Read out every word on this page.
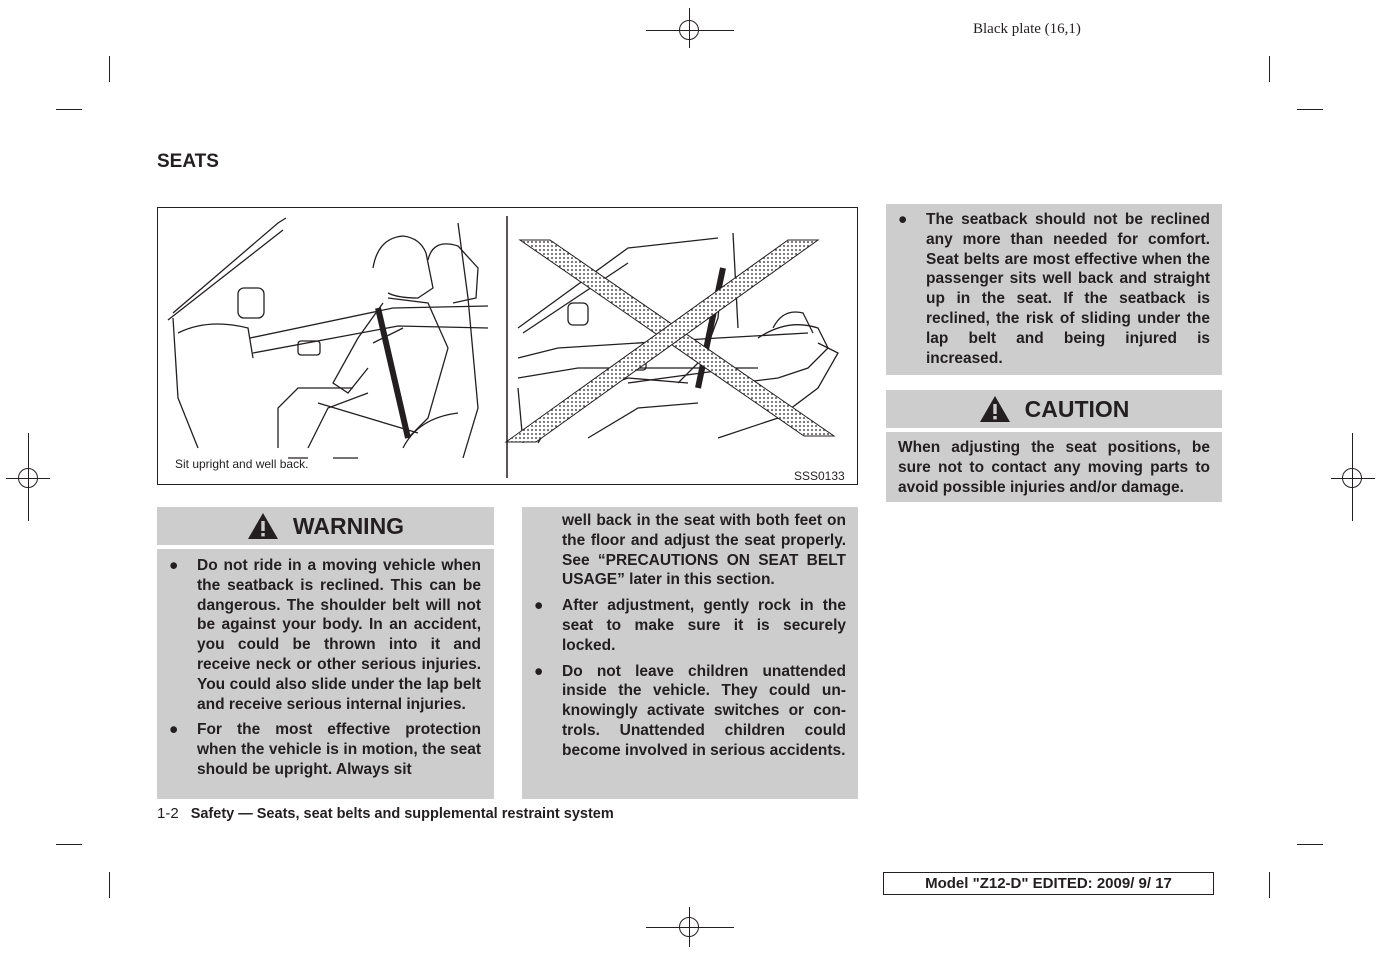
Black plate (16,1)
SEATS
Sit upright and well back.
SSS0133
WARNING
● Do not ride in a moving vehicle when the seatback is reclined. This can be dangerous. The shoulder belt will not be against your body. In an accident, you could be thrown into it and receive neck or other serious injuries. You could also slide under the lap belt and receive serious internal injuries.
● For the most effective protection when the vehicle is in motion, the seat should be upright. Always sit
well back in the seat with both feet on the floor and adjust the seat properly. See “PRECAUTIONS ON SEAT BELT USAGE” later in this section.
● After adjustment, gently rock in the seat to make sure it is securely locked.
● Do not leave children unattended inside the vehicle. They could unknowingly activate switches or controls. Unattended children could become involved in serious accidents.
● The seatback should not be reclined any more than needed for comfort. Seat belts are most effective when the passenger sits well back and straight up in the seat. If the seatback is reclined, the risk of sliding under the lap belt and being injured is increased.
CAUTION
When adjusting the seat positions, be sure not to contact any moving parts to avoid possible injuries and/or damage.
1-2 Safety — Seats, seat belts and supplemental restraint system
Model "Z12-D" EDITED: 2009/ 9/ 17
